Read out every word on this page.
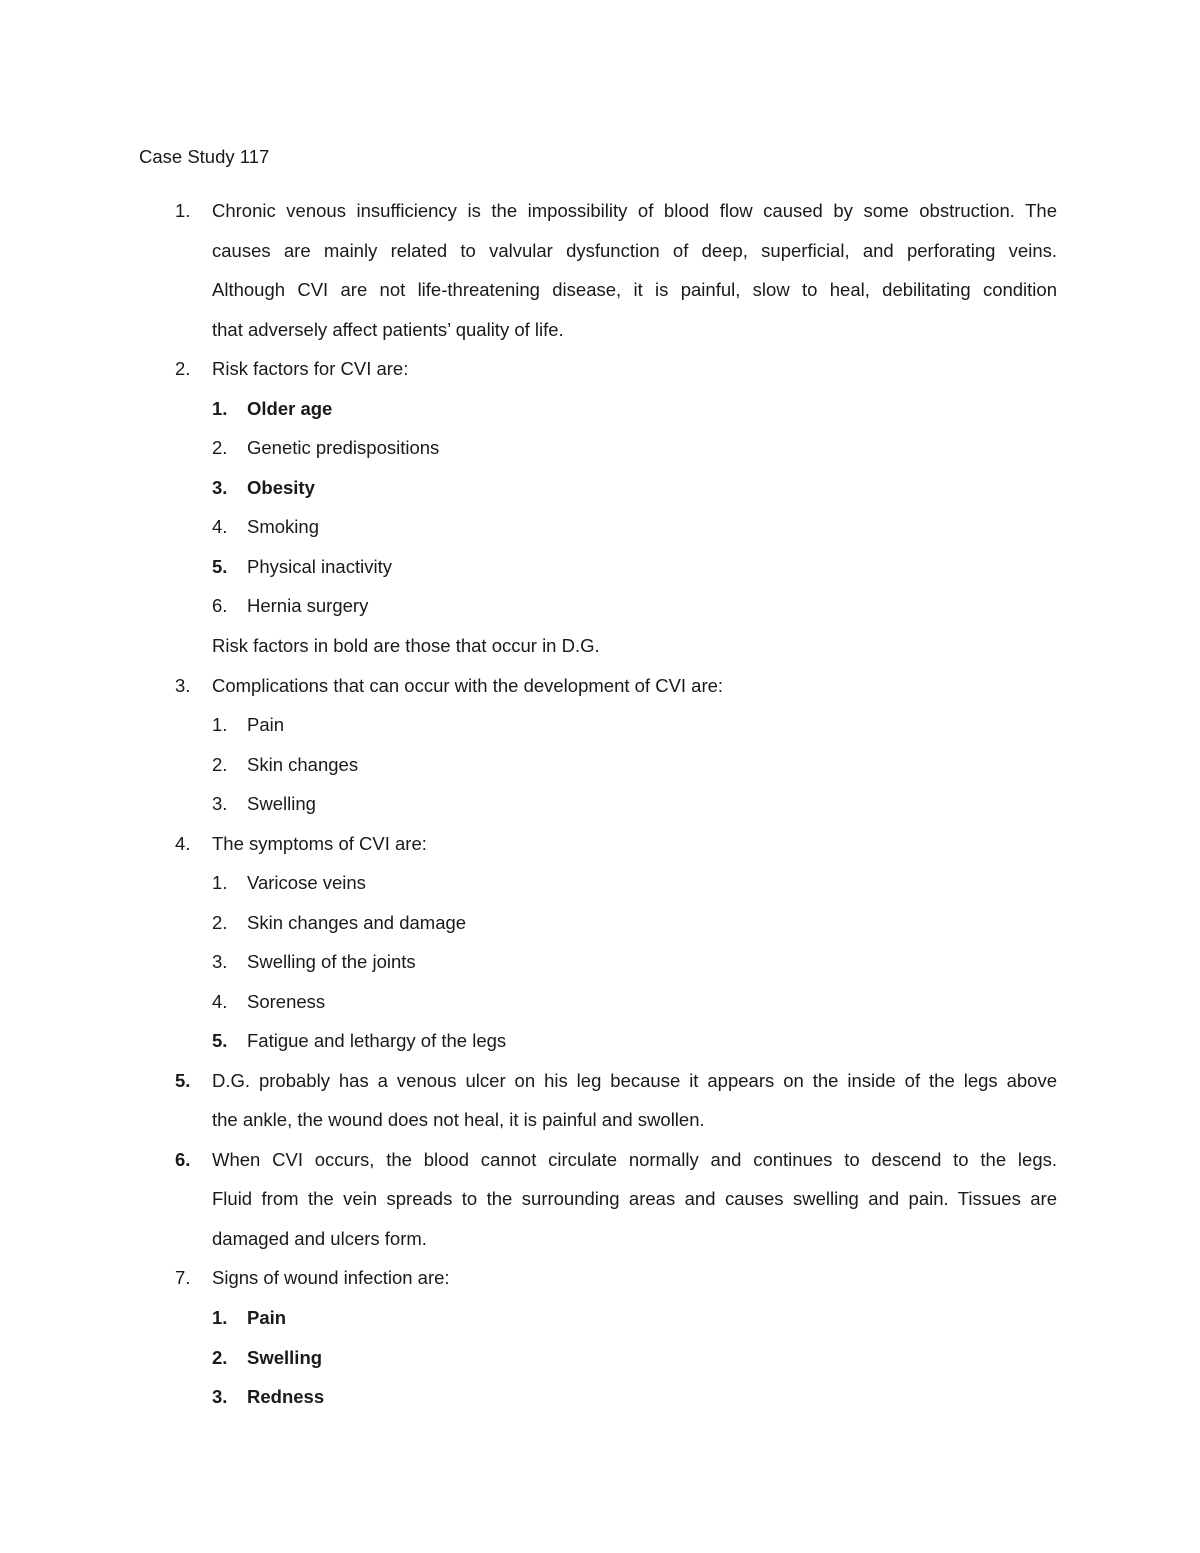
Case Study 117
1. Chronic venous insufficiency is the impossibility of blood flow caused by some obstruction. The
causes are mainly related to valvular dysfunction of deep, superficial, and perforating veins.
Although CVI are not life-threatening disease, it is painful, slow to heal, debilitating condition
that adversely affect patients’ quality of life.
2. Risk factors for CVI are:
1. Older age
2. Genetic predispositions
3. Obesity
4. Smoking
5. Physical inactivity
6. Hernia surgery
Risk factors in bold are those that occur in D.G.
3. Complications that can occur with the development of CVI are:
1. Pain
2. Skin changes
3. Swelling
4. The symptoms of CVI are:
1. Varicose veins
2. Skin changes and damage
3. Swelling of the joints
4. Soreness
5. Fatigue and lethargy of the legs
5. D.G. probably has a venous ulcer on his leg because it appears on the inside of the legs above
the ankle, the wound does not heal, it is painful and swollen.
6. When CVI occurs, the blood cannot circulate normally and continues to descend to the legs.
Fluid from the vein spreads to the surrounding areas and causes swelling and pain. Tissues are
damaged and ulcers form.
7. Signs of wound infection are:
1. Pain
2. Swelling
3. Redness
